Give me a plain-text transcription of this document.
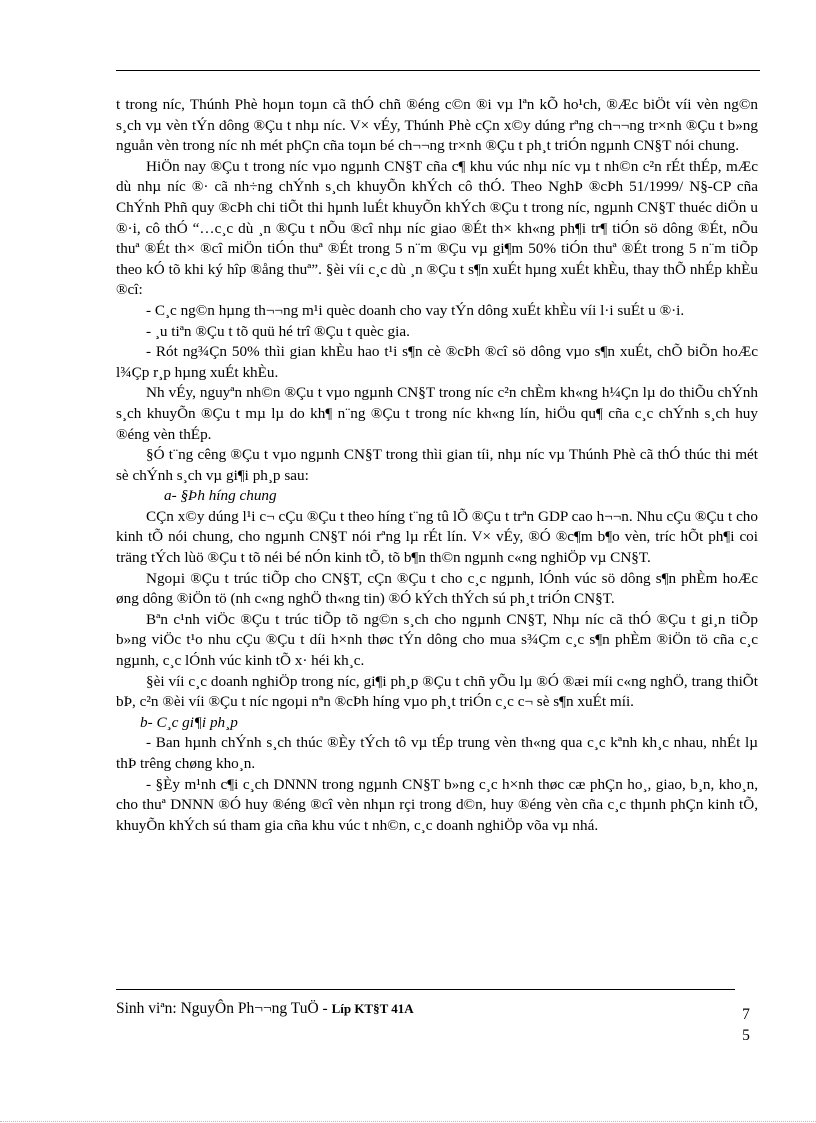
t trong níc, Thúnh Phè hoµn toµn cã thÓ chñ ®éng c©n ®i vµ lªn kÕ ho¹ch, ®Æc biÖt víi vèn ng©n s¸ch vµ vèn tÝn dông ®Çu t nhµ níc. V× vÉy, Thúnh Phè cÇn x©y dúng rªng ch¬¬ng tr×nh ®Çu t b»ng nguån vèn trong níc nh mét phÇn cña toµn bé ch¬¬ng tr×nh ®Çu t ph¸t triÓn ngµnh CN§T nói chung.

HiÖn nay ®Çu t trong níc vµo ngµnh CN§T cña c¶ khu vúc nhµ níc vµ t nh©n c²n rÉt thÉp, mÆc dù nhµ níc ®· cã nh÷ng chÝnh s¸ch khuyÕn khÝch cô thÓ. Theo NghÞ ®cÞh 51/1999/ N§-CP cña ChÝnh Phñ quy ®cÞh chi tiÕt thi hµnh luÉt khuyÕn khÝch ®Çu t trong níc, ngµnh CN§T thuéc diÖn u ®·i, cô thÓ “…c¸c dù ¸n ®Çu t nÕu ®cî nhµ níc giao ®Ét th× kh«ng ph¶i tr¶ tiÓn sö dông ®Ét, nÕu thuª ®Ét th× ®cî miÖn tiÓn thuª ®Ét trong 5 n¨m ®Çu vµ gi¶m 50% tiÓn thuª ®Ét trong 5 n¨m tiÕp theo kÓ tõ khi ký hîp ®ång thuª”. §èi víi c¸c dù ¸n ®Çu t s¶n xuÉt hµng xuÉt khÈu, thay thÕ nhÉp khÈu ®cî:

- C¸c ng©n hµng th¬¬ng m¹i quèc doanh cho vay tÝn dông xuÉt khÈu víi l·i suÉt u ®·i.

- ¸u tiªn ®Çu t tõ quü hé trî ®Çu t quèc gia.

- Rót ng¾Çn 50% thìi gian khÈu hao t¹i s¶n cè ®cÞh ®cî sö dông vµo s¶n xuÉt, chÕ biÕn hoÆc l¾Çp r¸p hµng xuÉt khÈu.

Nh vÉy, nguyªn nh©n ®Çu t vµo ngµnh CN§T trong níc c²n chÈm kh«ng h¼Çn lµ do thiÕu chÝnh s¸ch khuyÕn ®Çu t mµ lµ do kh¶ n¨ng ®Çu t trong níc kh«ng lín, hiÖu qu¶ cña c¸c chÝnh s¸ch huy ®éng vèn thÉp.

§Ó t¨ng cêng ®Çu t vµo ngµnh CN§T trong thìi gian tíi, nhµ níc vµ Thúnh Phè cã thÓ thúc thi mét sè chÝnh s¸ch vµ gi¶i ph¸p sau:

a- §Þh híng chung

CÇn x©y dúng l¹i c¬ cÇu ®Çu t theo híng t¨ng tû lÕ ®Çu t trªn GDP cao h¬¬n. Nhu cÇu ®Çu t cho kinh tÕ nói chung, cho ngµnh CN§T nói rªng lµ rÉt lín. V× vÉy, ®Ó ®c¶m b¶o vèn, tríc hÕt ph¶i coi träng tÝch lùö ®Çu t tõ néi bé nÓn kinh tÕ, tõ b¶n th©n ngµnh c«ng nghiÖp vµ CN§T.

Ngoµi ®Çu t trúc tiÕp cho CN§T, cÇn ®Çu t cho c¸c ngµnh, lÓnh vúc sö dông s¶n phÈm hoÆc øng dông ®iÖn tö (nh c«ng nghÖ th«ng tin) ®Ó kÝch thÝch sú ph¸t triÓn CN§T.

Bªn c¹nh viÖc ®Çu t trúc tiÕp tõ ng©n s¸ch cho ngµnh CN§T, Nhµ níc cã thÓ ®Çu t gi¸n tiÕp b»ng viÖc t¹o nhu cÇu ®Çu t díi h×nh thøc tÝn dông cho mua s¾Çm c¸c s¶n phÈm ®iÖn tö cña c¸c ngµnh, c¸c lÓnh vúc kinh tÕ x· héi kh¸c.

§èi víi c¸c doanh nghiÖp trong níc, gi¶i ph¸p ®Çu t chñ yÕu lµ ®Ó ®æi míi c«ng nghÖ, trang thiÕt bÞ, c²n ®èi víi ®Çu t níc ngoµi nªn ®cÞh híng vµo ph¸t triÓn c¸c c¬ sè s¶n xuÉt míi.

b- C¸c gi¶i ph¸p

- Ban hµnh chÝnh s¸ch thúc ®Èy tÝch tô vµ tÉp trung vèn th«ng qua c¸c kªnh kh¸c nhau, nhÉt lµ thÞ trêng chøng kho¸n.

- §Èy m¹nh c¶i c¸ch DNNN trong ngµnh CN§T b»ng c¸c h×nh thøc cæ phÇn ho¸, giao, b¸n, kho¸n, cho thuª DNNN ®Ó huy ®éng ®cî vèn nhµn rçi trong d©n, huy ®éng vèn cña c¸c thµnh phÇn kinh tÕ, khuyÕn khÝch sú tham gia cña khu vúc t nh©n, c¸c doanh nghiÖp võa vµ nhá.

Sinh viªn: NguyÔn Ph¬¬ng TuÖ - Líp KT§T 41A	7
5
